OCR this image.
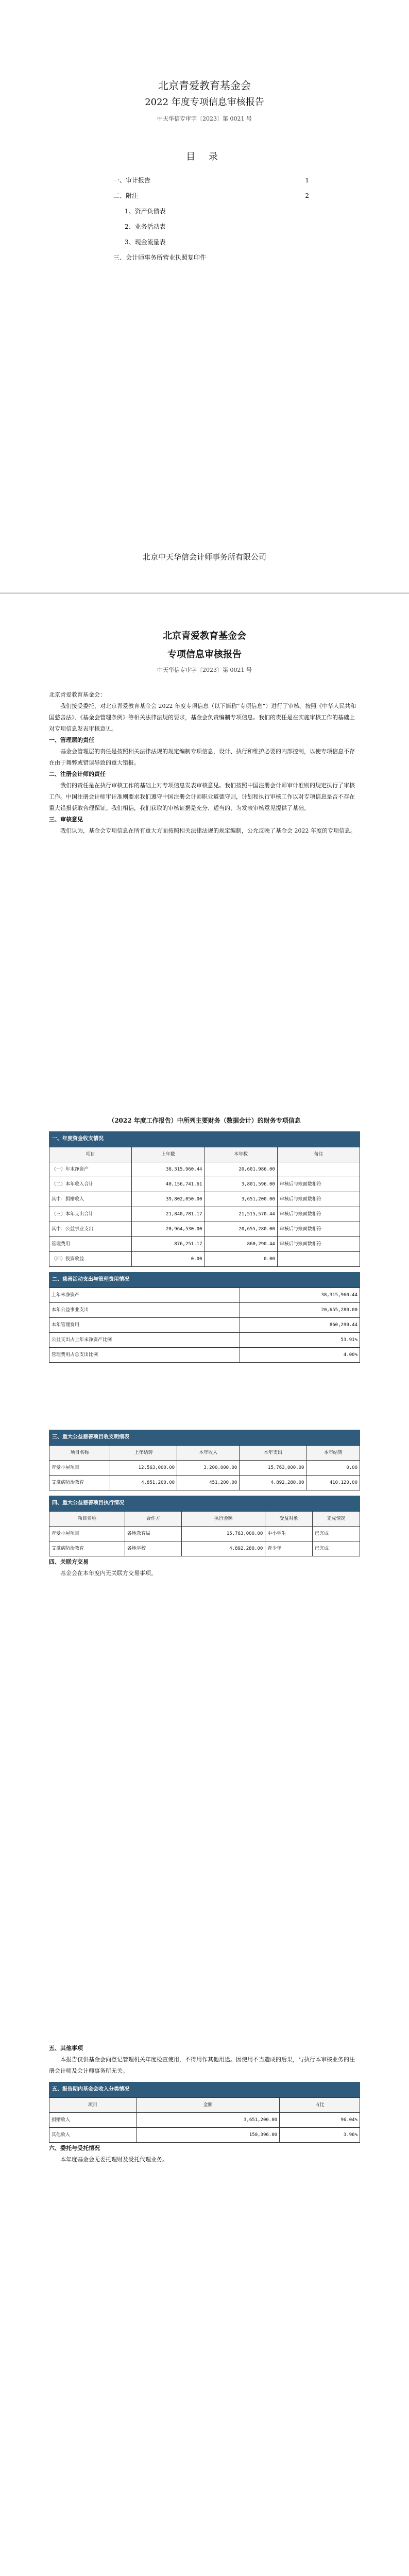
北京青爱教育基金会
2022 年度专项信息审核报告
中天华信专审字〔2023〕第 0021 号
目 录
一、审计报告	1
二、附注	2
1、资产负债表
2、业务活动表
3、现金流量表
三、会计师事务所营业执照复印件
北京中天华信会计师事务所有限公司
北京青爱教育基金会
专项信息审核报告
中天华信专审字〔2023〕第 0021 号

北京青爱教育基金会：

我们接受委托，对北京青爱教育基金会 2022 年度专项信息（以下简称“专项信息”）进行了审核。按照《中华人民共和国慈善法》、《基金会管理条例》等相关法律法规的要求，基金会负责编制专项信息。我们的责任是在实施审核工作的基础上对专项信息发表审核意见。

一、管理层的责任

基金会管理层的责任是按照相关法律法规的规定编制专项信息，设计、执行和维护必要的内部控制，以使专项信息不存在由于舞弊或错误导致的重大错报。

二、注册会计师的责任

我们的责任是在执行审核工作的基础上对专项信息发表审核意见。我们按照中国注册会计师审计准则的规定执行了审核工作。中国注册会计师审计准则要求我们遵守中国注册会计师职业道德守则，计划和执行审核工作以对专项信息是否不存在重大错报获取合理保证。我们相信，我们获取的审核证据是充分、适当的，为发表审核意见提供了基础。

三、审核意见

我们认为，基金会专项信息在所有重大方面按照相关法律法规的规定编制，公允反映了基金会 2022 年度的专项信息。

（2022 年度工作报告）中所列主要财务（数据会计）的财务专项信息
一、年度资金收支情况
项目	上年数	本年数	备注
（一）年末净资产	38,315,960.44	20,601,986.00	
（二）本年收入合计	40,156,741.61	3,801,596.00	审核后与账面数相符
其中：捐赠收入	39,802,050.00	3,651,200.00	审核后与账面数相符
（三）本年支出合计	21,840,781.17	21,515,570.44	审核后与账面数相符
其中：公益事业支出	20,964,530.00	20,655,280.00	审核后与账面数相符
管理费用	876,251.17	860,290.44	审核后与账面数相符
（四）投资收益	0.00	0.00	
二、慈善活动支出与管理费用情况
上年末净资产	38,315,960.44
本年公益事业支出	20,655,280.00
本年管理费用	860,290.44
公益支出占上年末净资产比例	53.91%
管理费用占总支出比例	4.00%
三、重大公益慈善项目收支明细表
项目名称	上年结转	本年收入	本年支出	本年结转
青爱小屋项目	12,563,000.00	3,200,000.00	15,763,000.00	0.00
艾滋病防治教育	4,851,200.00	451,200.00	4,892,280.00	410,120.00
四、重大公益慈善项目执行情况
项目名称	合作方	执行金额	受益对象	完成情况
青爱小屋项目	各地教育局	15,763,000.00	中小学生	已完成
艾滋病防治教育	各地学校	4,892,280.00	青少年	已完成

四、关联方交易

基金会在本年度内无关联方交易事项。

五、其他事项

本报告仅供基金会向登记管理机关年度检查使用，不得用作其他用途。因使用不当造成的后果，与执行本审核业务的注册会计师及会计师事务所无关。

五、报告期内基金会收入分类情况
项目	金额	占比
捐赠收入	3,651,200.00	96.04%
其他收入	150,396.00	3.96%

六、委托与受托情况

本年度基金会无委托理财及受托代理业务。
